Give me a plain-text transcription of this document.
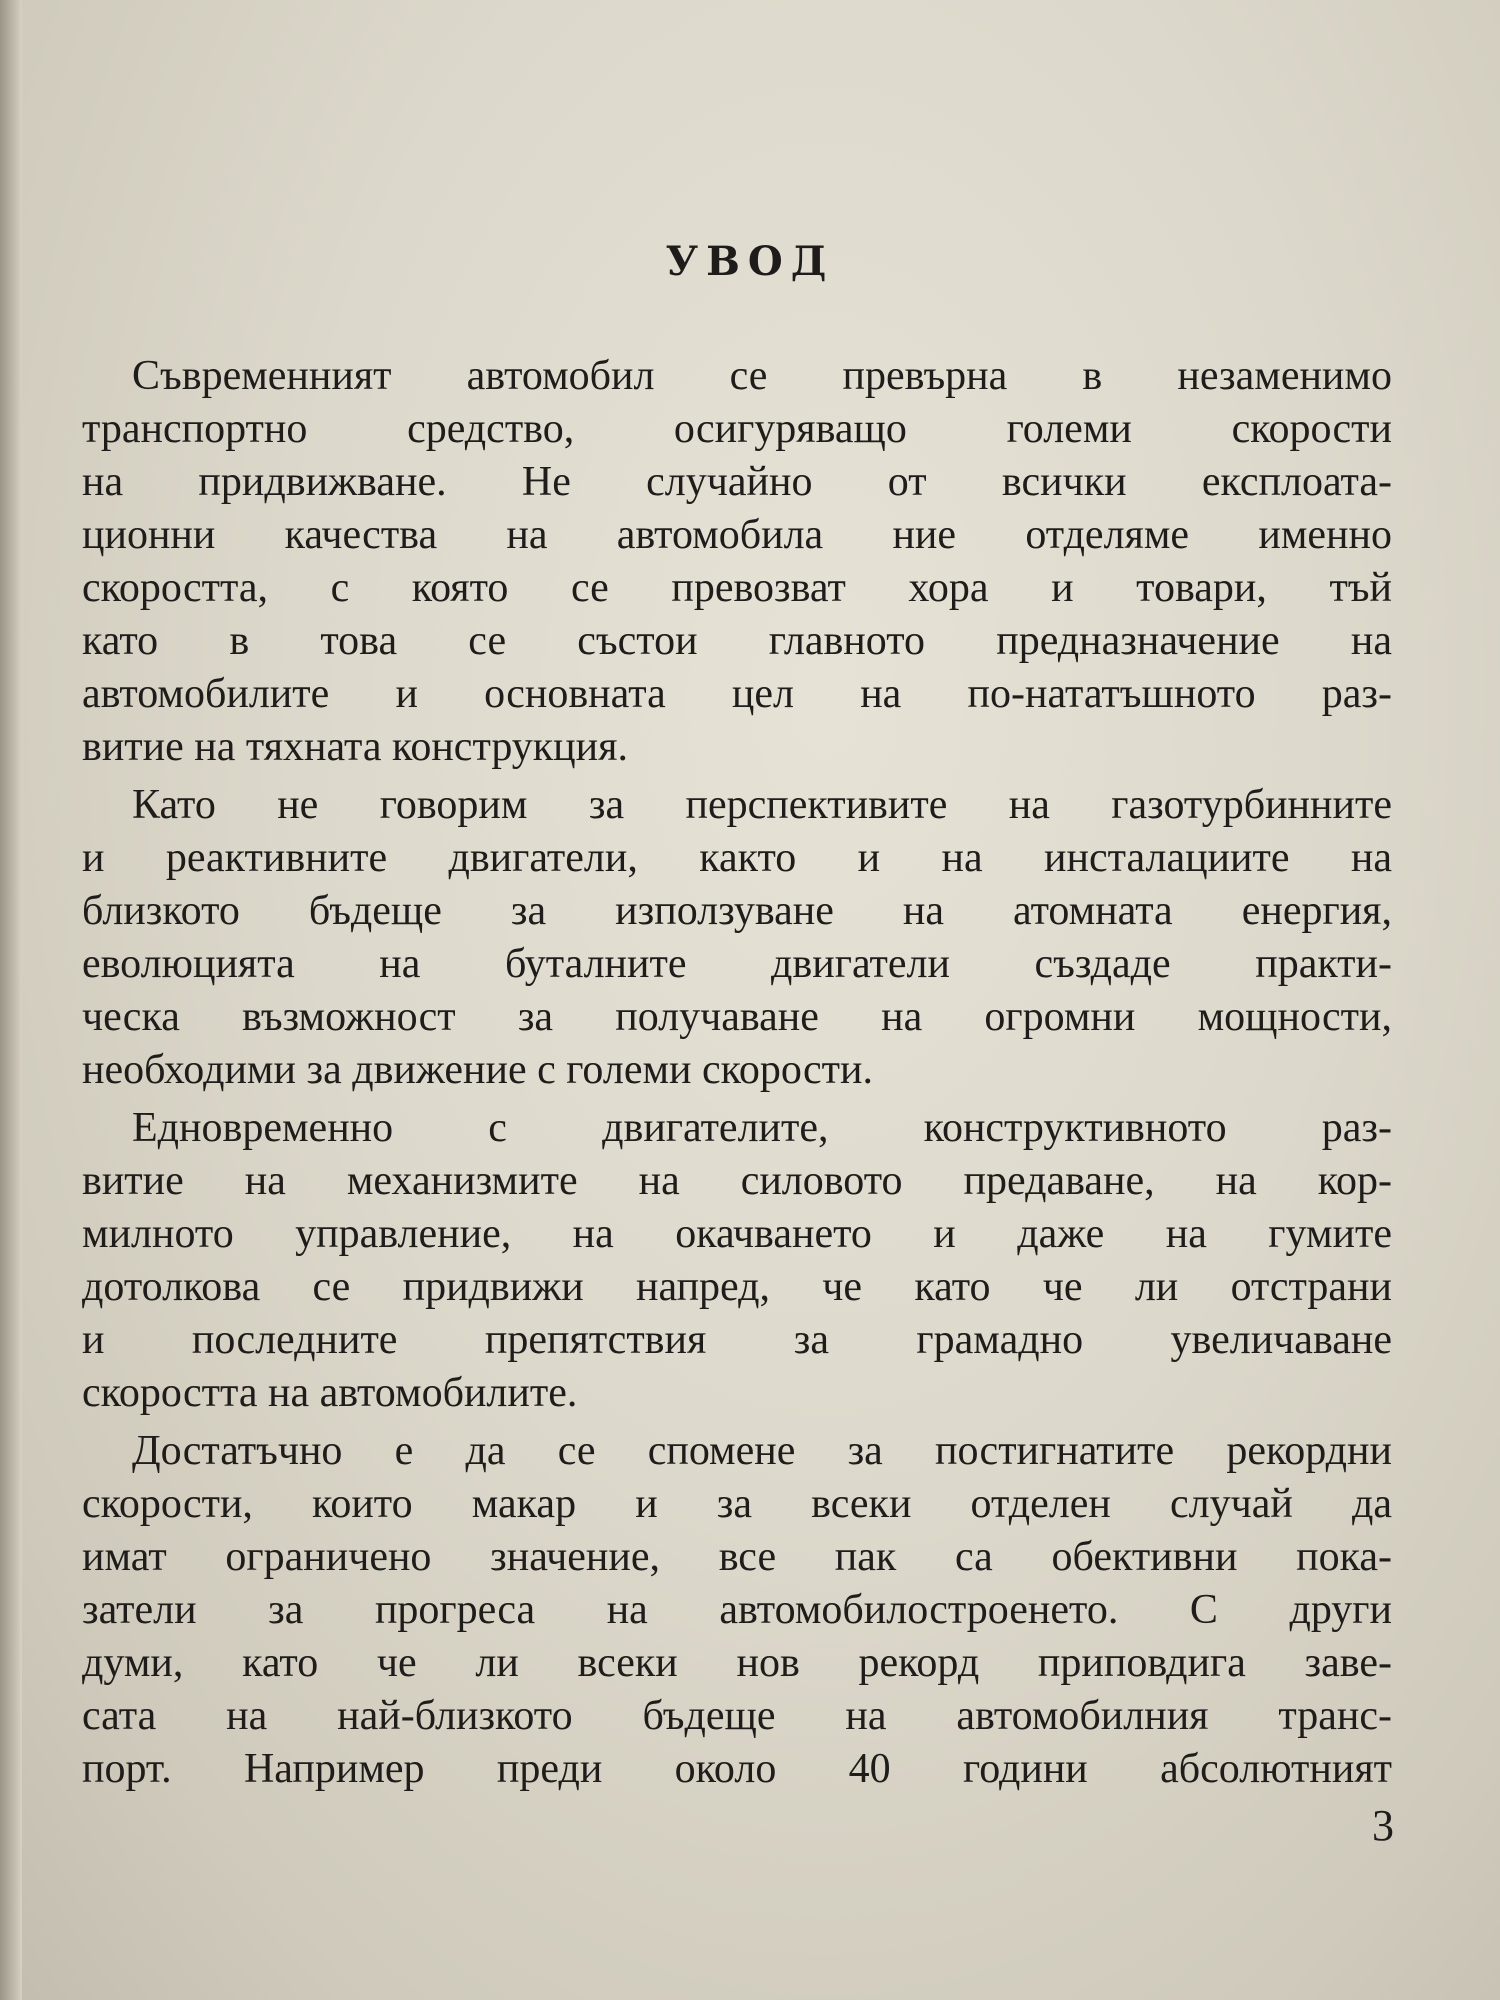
УВОД
Съвременният автомобил се превърна в незаменимо
транспортно средство, осигуряващо големи скорости
на придвижване. Не случайно от всички експлоата-
ционни качества на автомобила ние отделяме именно
скоростта, с която се превозват хора и товари, тъй
като в това се състои главното предназначение на
автомобилите и основната цел на по-нататъшното раз-
витие на тяхната конструкция.
Като не говорим за перспективите на газотурбинните
и реактивните двигатели, както и на инсталациите на
близкото бъдеще за използуване на атомната енергия,
еволюцията на буталните двигатели създаде практи-
ческа възможност за получаване на огромни мощности,
необходими за движение с големи скорости.
Едновременно с двигателите, конструктивното раз-
витие на механизмите на силовото предаване, на кор-
милното управление, на окачването и даже на гумите
дотолкова се придвижи напред, че като че ли отстрани
и последните препятствия за грамадно увеличаване
скоростта на автомобилите.
Достатъчно е да се спомене за постигнатите рекордни
скорости, които макар и за всеки отделен случай да
имат ограничено значение, все пак са обективни пока-
затели за прогреса на автомобилостроенето. С други
думи, като че ли всеки нов рекорд приповдига заве-
сата на най-близкото бъдеще на автомобилния транс-
порт. Например преди около 40 години абсолютният
3
